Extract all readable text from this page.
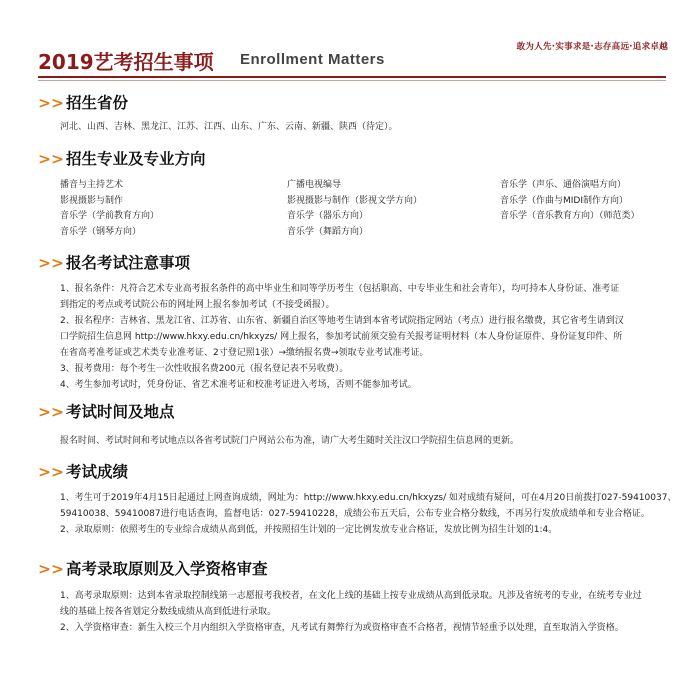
敢为人先·实事求是·志存高远·追求卓越
2019艺考招生事项 Enrollment Matters
>> 招生省份
河北、山西、吉林、黑龙江、江苏、江西、山东、广东、云南、新疆、陕西（待定）。
>> 招生专业及专业方向
播音与主持艺术
影视摄影与制作
音乐学（学前教育方向）
音乐学（钢琴方向）
广播电视编导
影视摄影与制作（影视文学方向）
音乐学（器乐方向）
音乐学（舞蹈方向）
音乐学（声乐、通俗演唱方向）
音乐学（作曲与MIDI制作方向）
音乐学（音乐教育方向）（师范类）
>> 报名考试注意事项
1、报名条件：凡符合艺术专业高考报名条件的高中毕业生和同等学历考生（包括职高、中专毕业生和社会青年），均可持本人身份证、准考证
到指定的考点或考试院公布的网址网上报名参加考试（不接受函报）。
2、报名程序：吉林省、黑龙江省、江苏省、山东省、新疆自治区等地考生请到本省考试院指定网站（考点）进行报名缴费，其它省考生请到汉
口学院招生信息网 http://www.hkxy.edu.cn/hkxyzs/ 网上报名，参加考试前须交验有关报考证明材料（本人身份证原件、身份证复印件、所
在省高考准考证或艺术类专业准考证、2寸登记照1张）→缴纳报名费→领取专业考试准考证。
3、报考费用：每个考生一次性收报名费200元（报名登记表不另收费）。
4、考生参加考试时，凭身份证、省艺术准考证和校准考证进入考场，否则不能参加考试。
>> 考试时间及地点
报名时间、考试时间和考试地点以各省考试院门户网站公布为准，请广大考生随时关注汉口学院招生信息网的更新。
>> 考试成绩
1、考生可于2019年4月15日起通过上网查询成绩，网址为：http://www.hkxy.edu.cn/hkxyzs/ 如对成绩有疑问，可在4月20日前拨打027-59410037、
59410038、59410087进行电话查询，监督电话：027-59410228，成绩公布五天后，公布专业合格分数线，不再另行发放成绩单和专业合格证。
2、录取原则：依照考生的专业综合成绩从高到低，并按照招生计划的一定比例发放专业合格证，发放比例为招生计划的1:4。
>> 高考录取原则及入学资格审查
1、高考录取原则：达到本省录取控制线第一志愿报考我校者，在文化上线的基础上按专业成绩从高到低录取。凡涉及省统考的专业，在统考专业过
线的基础上按各省划定分数线成绩从高到低进行录取。
2、入学资格审查：新生入校三个月内组织入学资格审查，凡考试有舞弊行为或资格审查不合格者，视情节轻重予以处理，直至取消入学资格。
